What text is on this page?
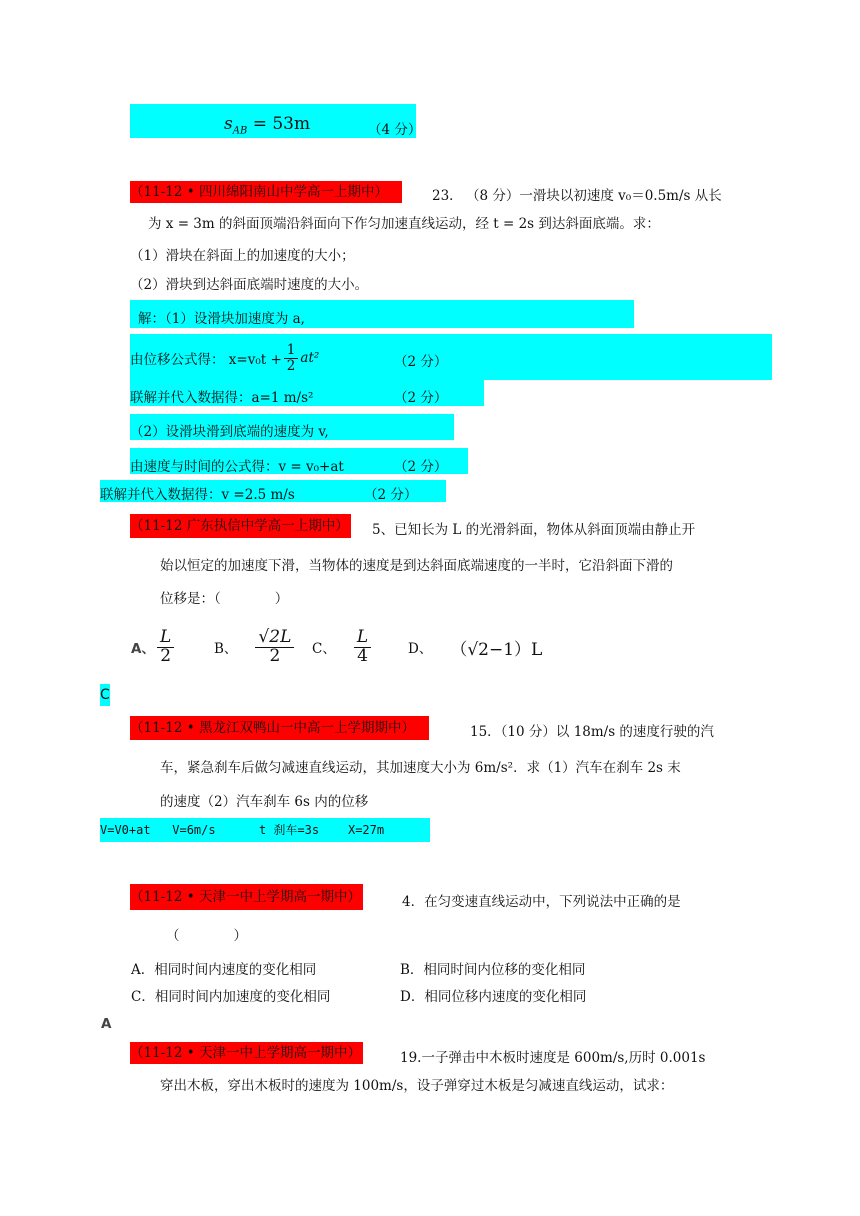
$s_{AB} = 53m$	（4 分）
（11-12 • 四川绵阳南山中学高一上期中）	23． （8 分）一滑块以初速度 v₀＝0.5m/s 从长
为 x = 3m 的斜面顶端沿斜面向下作匀加速直线运动，经 t = 2s 到达斜面底端。求：
（1）滑块在斜面上的加速度的大小；
（2）滑块到达斜面底端时速度的大小。
解：（1）设滑块加速度为 a,
由位移公式得： $x=v_0t + \frac{1}{2} at^2$	（2 分）
联解并代入数据得：a=1 m/s²	（2 分）
（2）设滑块滑到底端的速度为 v,
由速度与时间的公式得：v = v₀+at	（2 分）
联解并代入数据得：v =2.5 m/s	（2 分）
（11-12 广东执信中学高一上期中） 5、已知长为 L 的光滑斜面，物体从斜面顶端由静止开
始以恒定的加速度下滑，当物体的速度是到达斜面底端速度的一半时，它沿斜面下滑的
位移是：（　　　　）
A、 $\frac{L}{2}$	B、 $\frac{√2L}{2}$ C、 $\frac{L}{4}$	D、 （√2−1）L
C
（11-12 • 黑龙江双鸭山一中高一上学期期中）	15．（10 分）以 18m/s 的速度行驶的汽
车，紧急刹车后做匀减速直线运动，其加速度大小为 6m/s²．求（1）汽车在刹车 2s 末
的速度（2）汽车刹车 6s 内的位移
V=V0+at   V=6m/s      t 刹车=3s    X=27m
（11-12 • 天津一中上学期高一期中）	4．在匀变速直线运动中，下列说法中正确的是
（　　　　）
A．相同时间内速度的变化相同	B．相同时间内位移的变化相同
C．相同时间内加速度的变化相同	D．相同位移内速度的变化相同
A
（11-12 • 天津一中上学期高一期中）	19.一子弹击中木板时速度是 600m/s,历时 0.001s
穿出木板，穿出木板时的速度为 100m/s，设子弹穿过木板是匀减速直线运动，试求：
